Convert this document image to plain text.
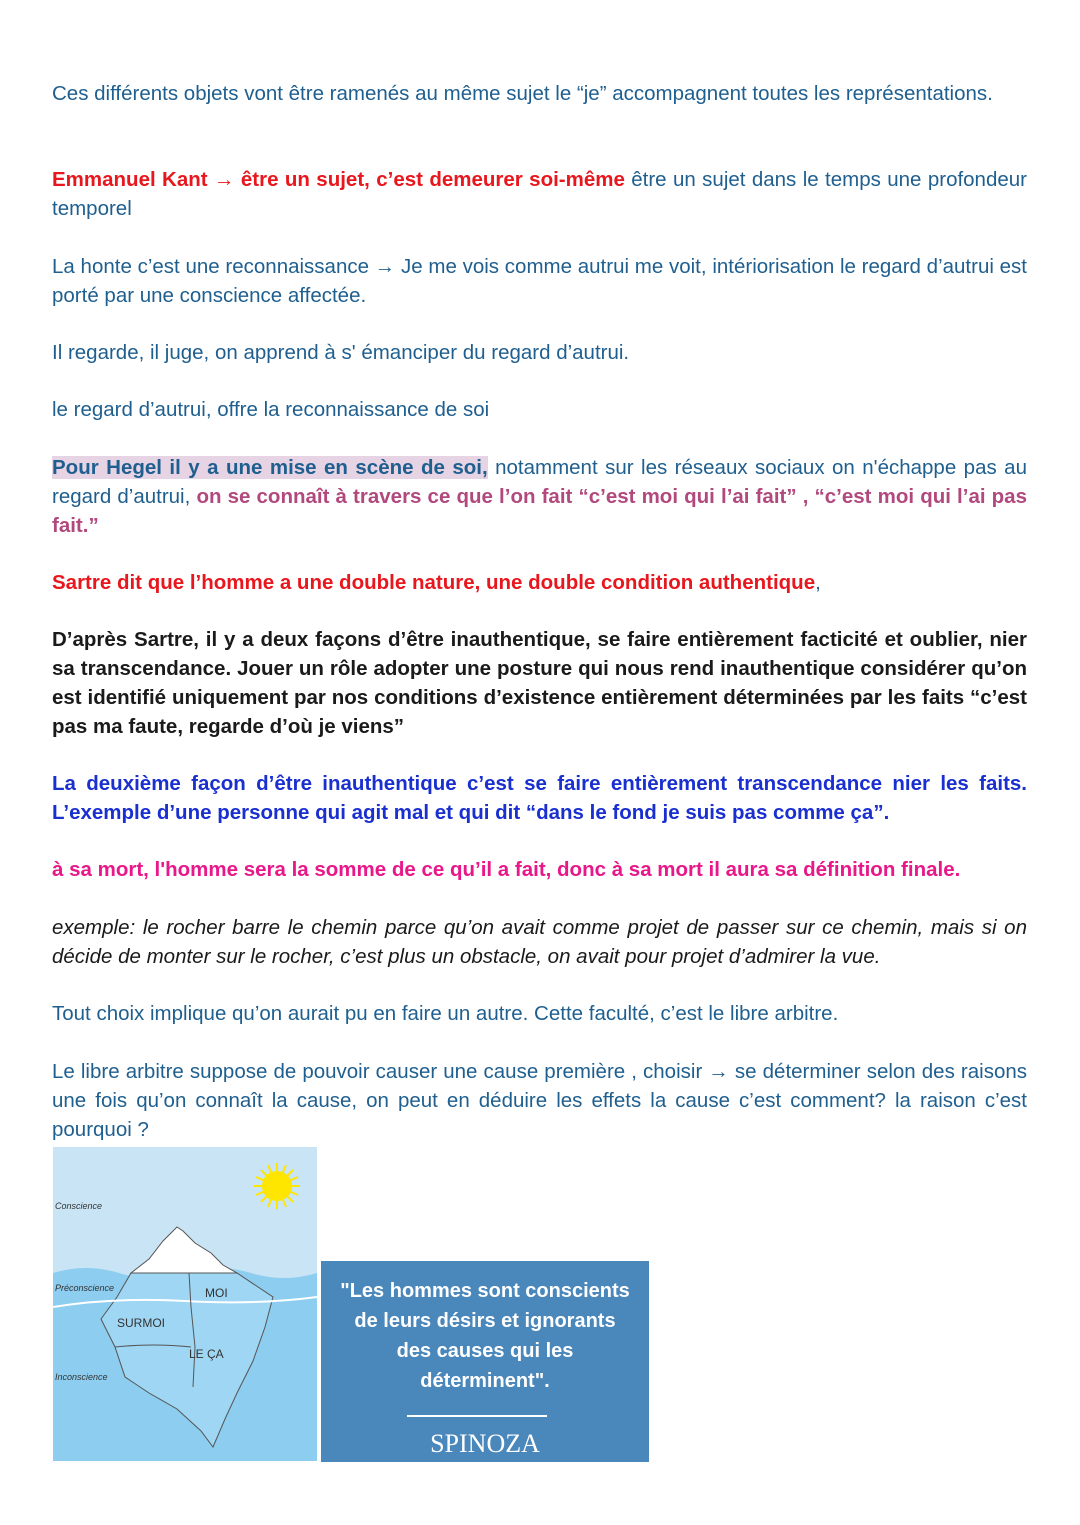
Ces différents objets vont être ramenés au même sujet le “je” accompagnent toutes les représentations.

Emmanuel Kant → être un sujet, c’est demeurer soi-même être un sujet dans le temps une profondeur temporel

La honte c’est une reconnaissance → Je me vois comme autrui me voit, intériorisation le regard d’autrui est porté par une conscience affectée.

Il regarde, il juge, on apprend à s' émanciper du regard d’autrui.

le regard d’autrui, offre la reconnaissance de soi

Pour Hegel il y a une mise en scène de soi, notamment sur les réseaux sociaux on n'échappe pas au regard d’autrui, on se connaît à travers ce que l’on fait “c’est moi qui l’ai fait” , “c’est moi qui l’ai pas fait.”

Sartre dit que l’homme a une double nature, une double condition authentique,

D’après Sartre, il y a deux façons d’être inauthentique, se faire entièrement facticité et oublier, nier sa transcendance. Jouer un rôle adopter une posture qui nous rend inauthentique considérer qu’on est identifié uniquement par nos conditions d’existence entièrement déterminées par les faits “c’est pas ma faute, regarde d’où je viens”

La deuxième façon d’être inauthentique c’est se faire entièrement transcendance nier les faits. L’exemple d’une personne qui agit mal et qui dit “dans le fond je suis pas comme ça”.

à sa mort, l'homme sera la somme de ce qu’il a fait, donc à sa mort il aura sa définition finale.

exemple: le rocher barre le chemin parce qu’on avait comme projet de passer sur ce chemin, mais si on décide de monter sur le rocher, c’est plus un obstacle, on avait pour projet d’admirer la vue.

Tout choix implique qu’on aurait pu en faire un autre. Cette faculté, c’est le libre arbitre.

Le libre arbitre suppose de pouvoir causer une cause première , choisir → se déterminer selon des raisons une fois qu’on connaît la cause, on peut en déduire les effets la cause c’est comment? la raison c’est pourquoi ?

Conscience
Préconscience
Inconscience
MOI
SURMOI
LE ÇA
"Les hommes sont conscients
de leurs désirs et ignorants
des causes qui les
déterminent".
SPINOZA
